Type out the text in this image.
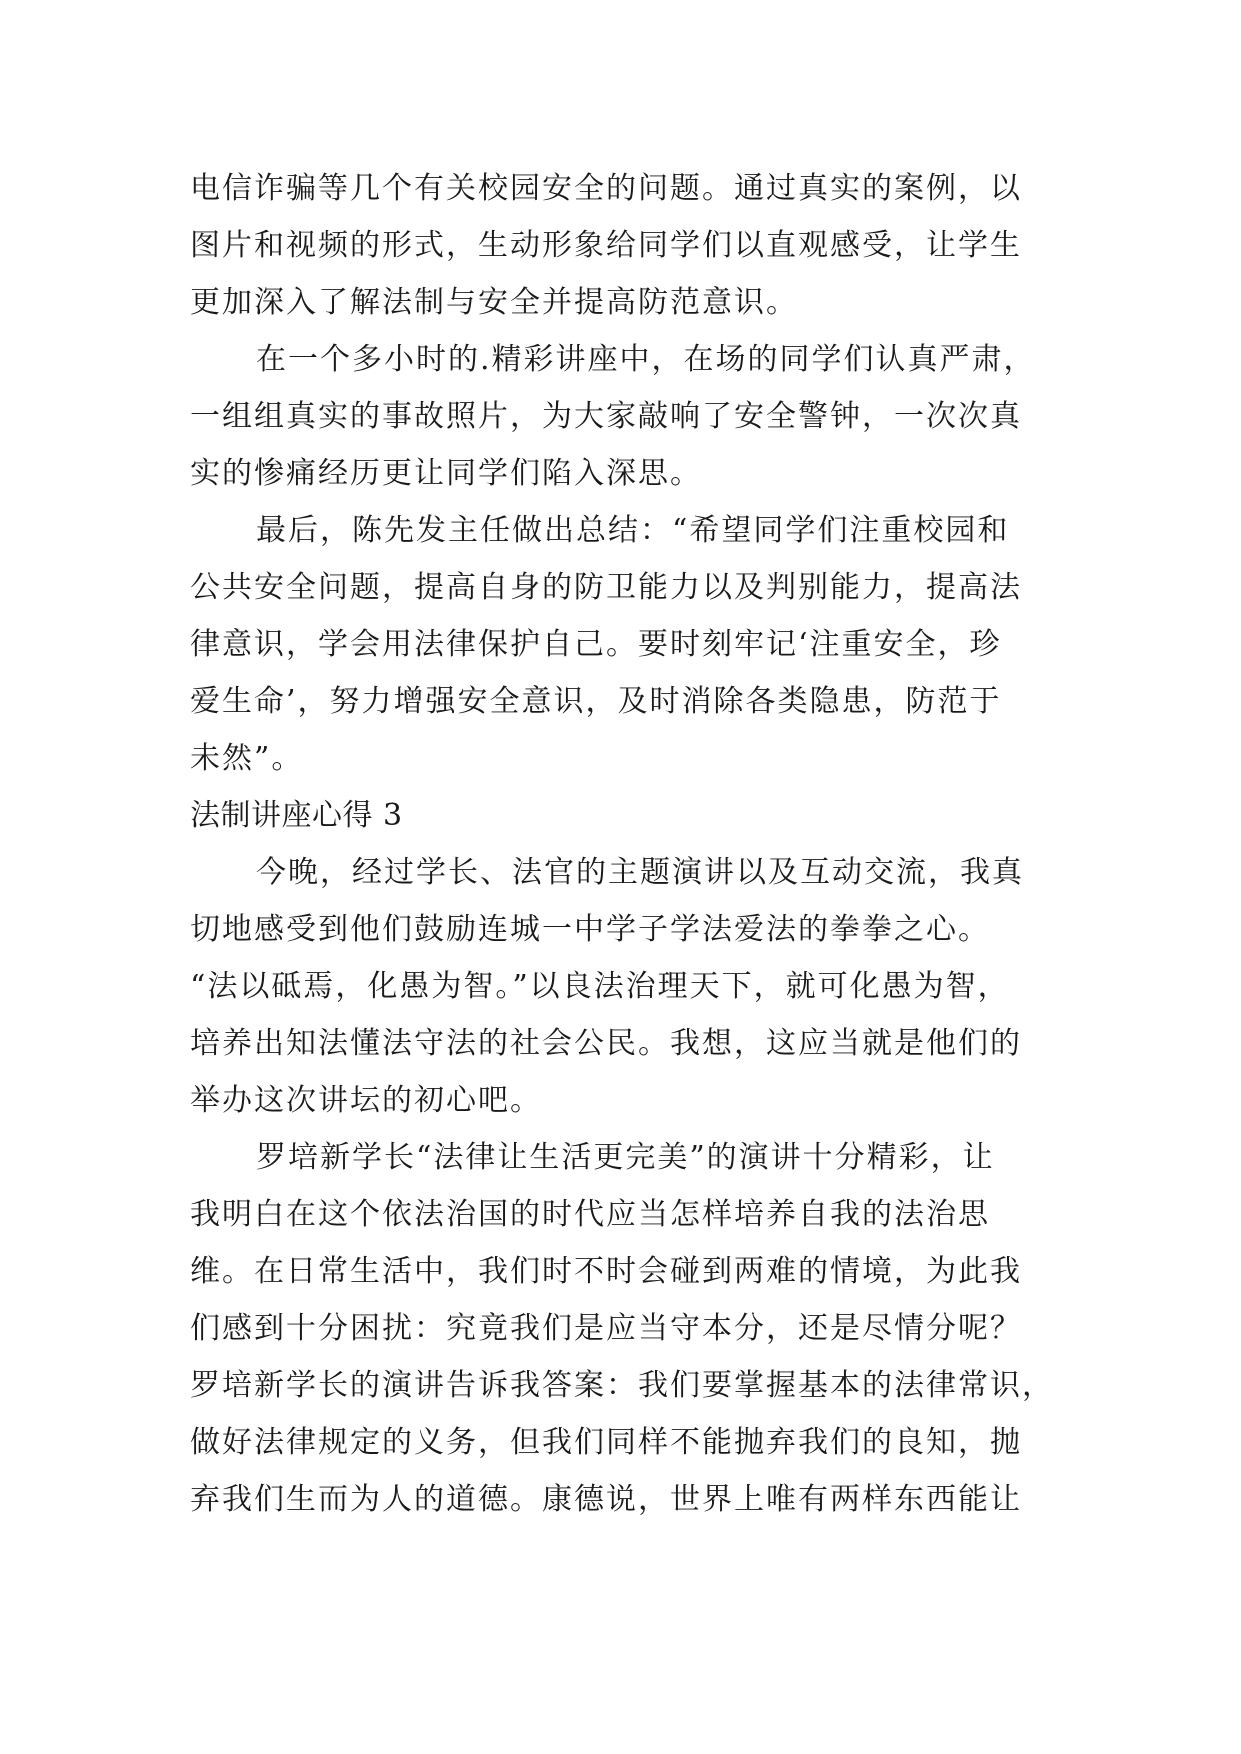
电信诈骗等几个有关校园安全的问题。通过真实的案例，以
图片和视频的形式，生动形象给同学们以直观感受，让学生
更加深入了解法制与安全并提高防范意识。
在一个多小时的.精彩讲座中，在场的同学们认真严肃，
一组组真实的事故照片，为大家敲响了安全警钟，一次次真
实的惨痛经历更让同学们陷入深思。
最后，陈先发主任做出总结：“希望同学们注重校园和
公共安全问题，提高自身的防卫能力以及判别能力，提高法
律意识，学会用法律保护自己。要时刻牢记‘注重安全，珍
爱生命’，努力增强安全意识，及时消除各类隐患，防范于
未然”。
法制讲座心得 3
今晚，经过学长、法官的主题演讲以及互动交流，我真
切地感受到他们鼓励连城一中学子学法爱法的拳拳之心。
“法以砥焉，化愚为智。”以良法治理天下，就可化愚为智，
培养出知法懂法守法的社会公民。我想，这应当就是他们的
举办这次讲坛的初心吧。
罗培新学长“法律让生活更完美”的演讲十分精彩，让
我明白在这个依法治国的时代应当怎样培养自我的法治思
维。在日常生活中，我们时不时会碰到两难的情境，为此我
们感到十分困扰：究竟我们是应当守本分，还是尽情分呢？
罗培新学长的演讲告诉我答案：我们要掌握基本的法律常识，
做好法律规定的义务，但我们同样不能抛弃我们的良知，抛
弃我们生而为人的道德。康德说，世界上唯有两样东西能让
